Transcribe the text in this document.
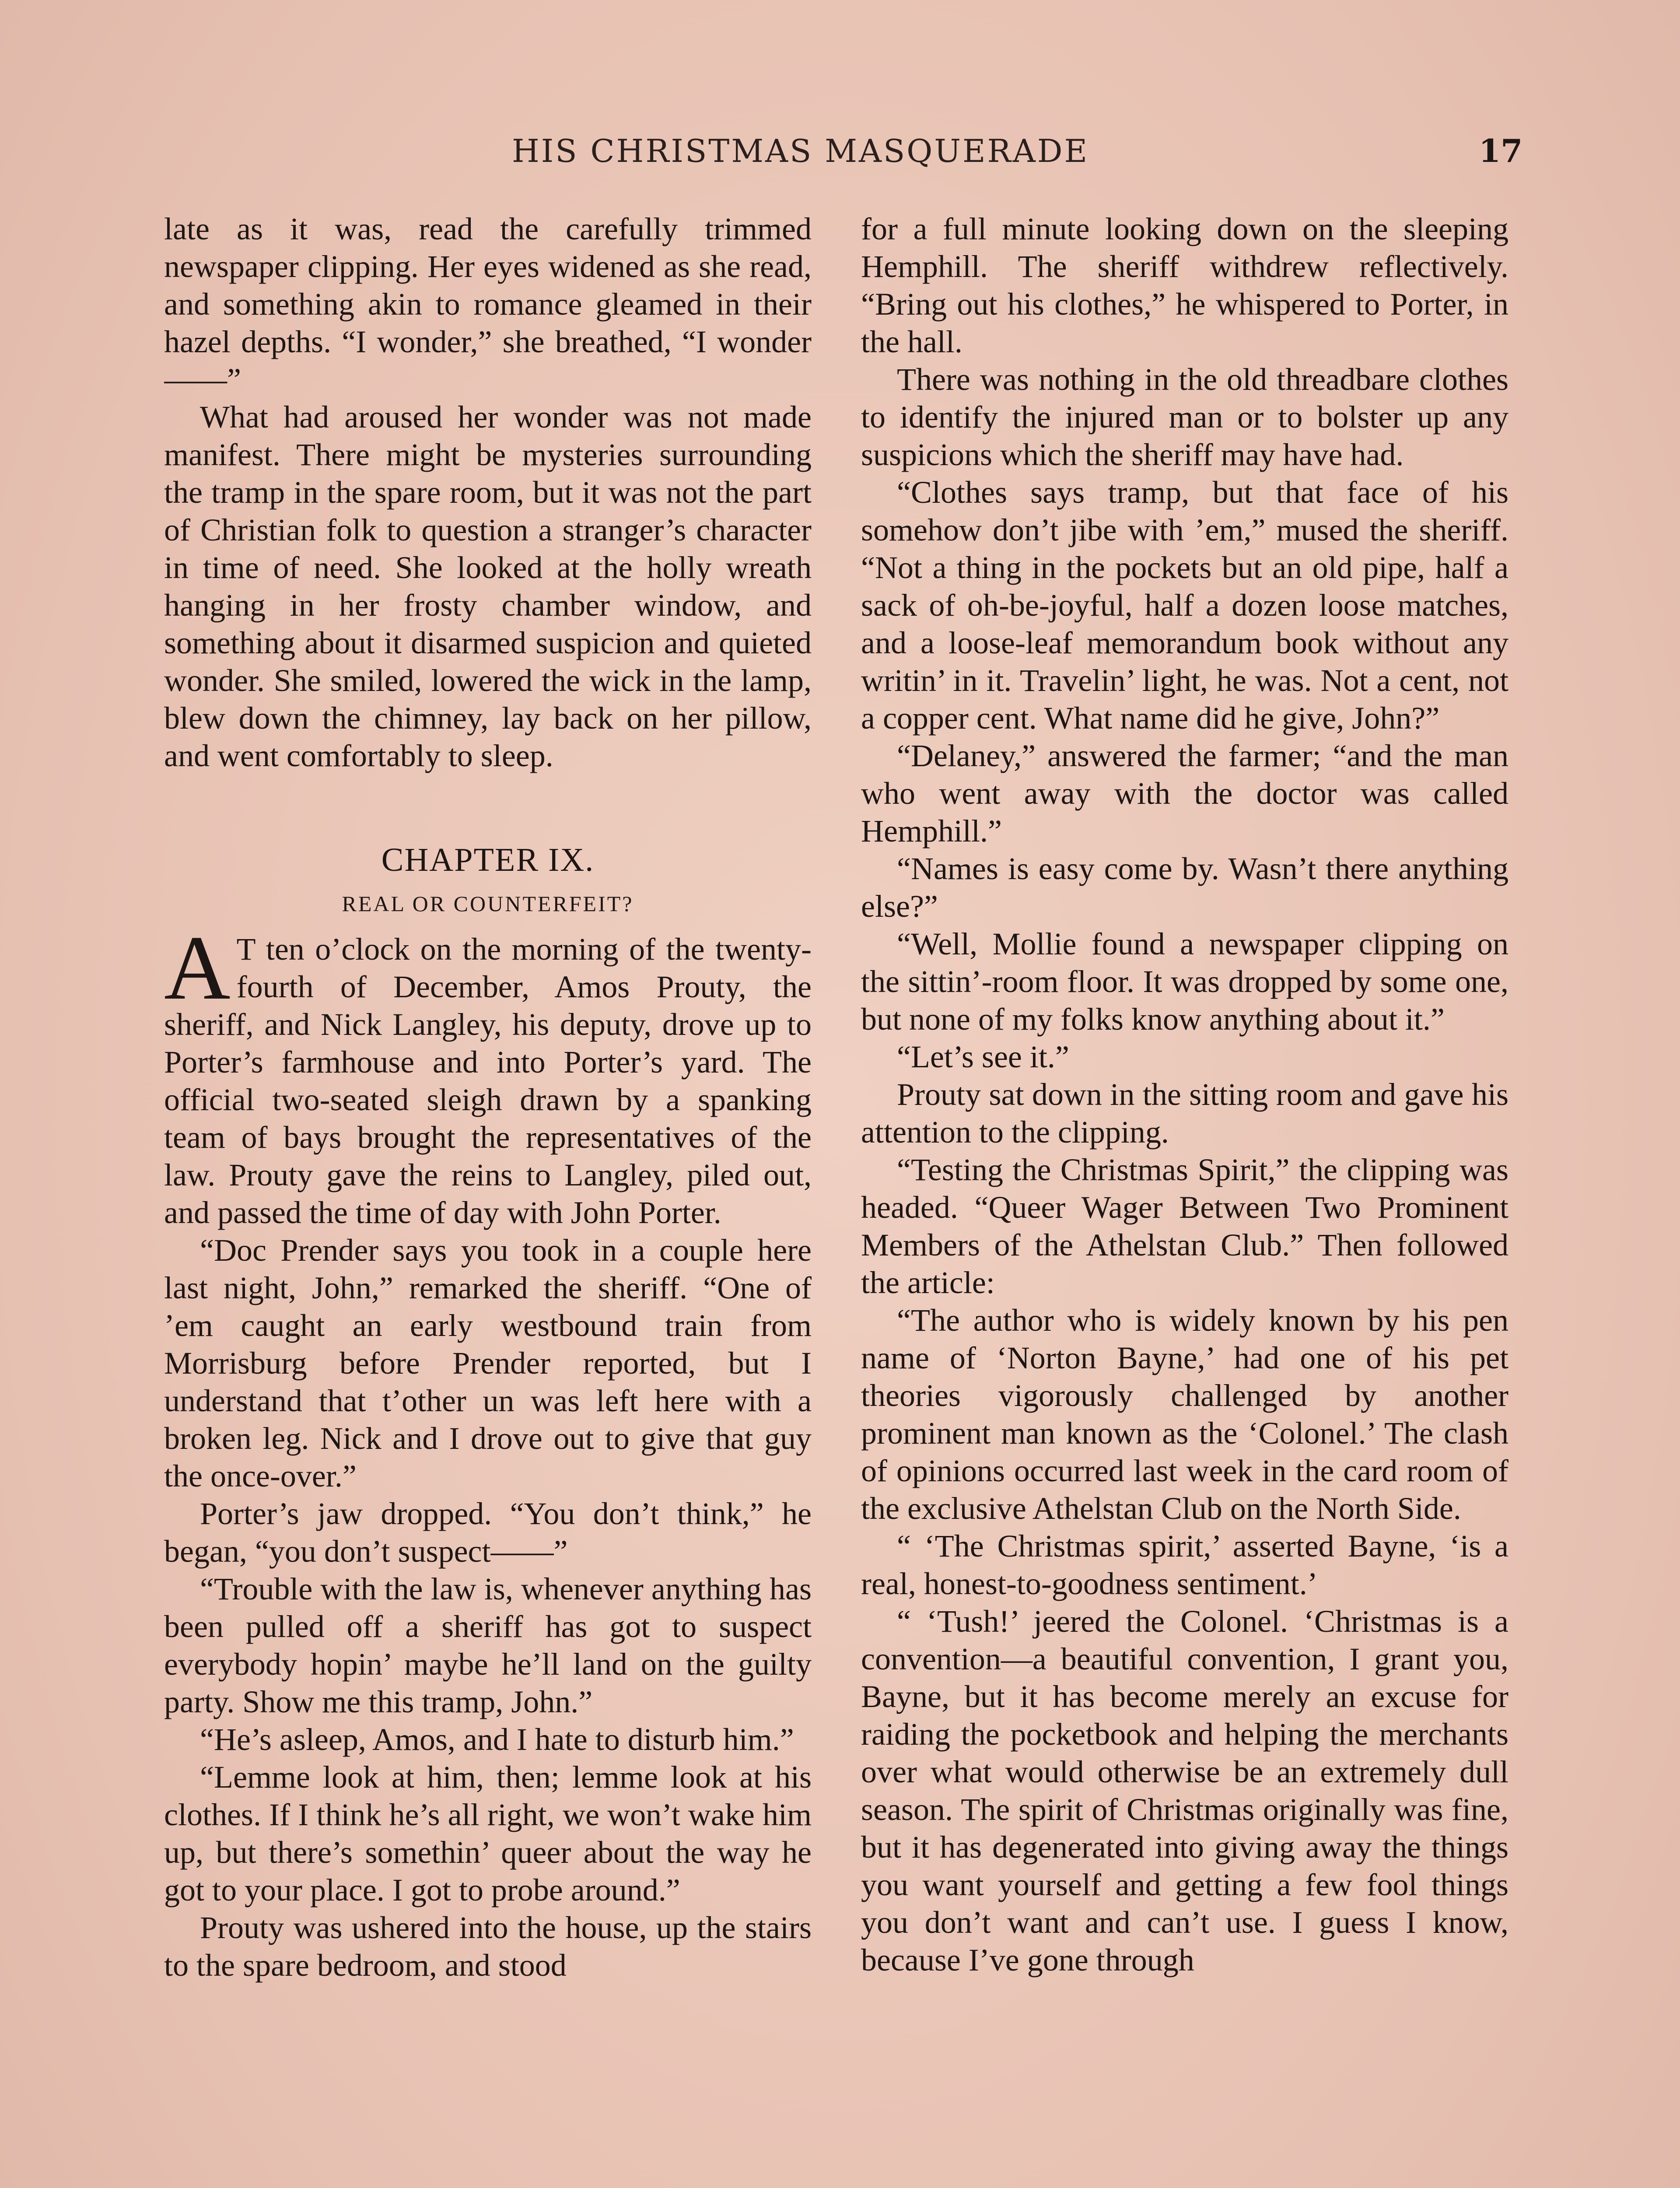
HIS CHRISTMAS MASQUERADE	17

late as it was, read the carefully trimmed newspaper clipping. Her eyes widened as she read, and something akin to romance gleamed in their hazel depths. “I wonder,” she breathed, “I wonder——”

What had aroused her wonder was not made manifest. There might be mysteries surrounding the tramp in the spare room, but it was not the part of Christian folk to question a stranger’s character in time of need. She looked at the holly wreath hanging in her frosty chamber window, and something about it disarmed suspicion and quieted wonder. She smiled, lowered the wick in the lamp, blew down the chimney, lay back on her pillow, and went comfortably to sleep.

CHAPTER IX.
REAL OR COUNTERFEIT?

A T ten o’clock on the morning of the twenty-fourth of December, Amos Prouty, the sheriff, and Nick Langley, his deputy, drove up to Porter’s farmhouse and into Porter’s yard. The official two-seated sleigh drawn by a spanking team of bays brought the representatives of the law. Prouty gave the reins to Langley, piled out, and passed the time of day with John Porter.

“Doc Prender says you took in a couple here last night, John,” remarked the sheriff. “One of ’em caught an early westbound train from Morrisburg before Prender reported, but I understand that t’other un was left here with a broken leg. Nick and I drove out to give that guy the once-over.”

Porter’s jaw dropped. “You don’t think,” he began, “you don’t suspect——”

“Trouble with the law is, whenever anything has been pulled off a sheriff has got to suspect everybody hopin’ maybe he’ll land on the guilty party. Show me this tramp, John.”

“He’s asleep, Amos, and I hate to disturb him.”

“Lemme look at him, then; lemme look at his clothes. If I think he’s all right, we won’t wake him up, but there’s somethin’ queer about the way he got to your place. I got to probe around.”

Prouty was ushered into the house, up the stairs to the spare bedroom, and stood

for a full minute looking down on the sleeping Hemphill. The sheriff withdrew reflectively. “Bring out his clothes,” he whispered to Porter, in the hall.

There was nothing in the old threadbare clothes to identify the injured man or to bolster up any suspicions which the sheriff may have had.

“Clothes says tramp, but that face of his somehow don’t jibe with ’em,” mused the sheriff. “Not a thing in the pockets but an old pipe, half a sack of oh-be-joyful, half a dozen loose matches, and a loose-leaf memorandum book without any writin’ in it. Travelin’ light, he was. Not a cent, not a copper cent. What name did he give, John?”

“Delaney,” answered the farmer; “and the man who went away with the doctor was called Hemphill.”

“Names is easy come by. Wasn’t there anything else?”

“Well, Mollie found a newspaper clipping on the sittin’-room floor. It was dropped by some one, but none of my folks know anything about it.”

“Let’s see it.”

Prouty sat down in the sitting room and gave his attention to the clipping.

“Testing the Christmas Spirit,” the clipping was headed. “Queer Wager Between Two Prominent Members of the Athelstan Club.” Then followed the article:

“The author who is widely known by his pen name of ‘Norton Bayne,’ had one of his pet theories vigorously challenged by another prominent man known as the ‘Colonel.’ The clash of opinions occurred last week in the card room of the exclusive Athelstan Club on the North Side.

“ ‘The Christmas spirit,’ asserted Bayne, ‘is a real, honest-to-goodness sentiment.’

“ ‘Tush!’ jeered the Colonel. ‘Christmas is a convention—a beautiful convention, I grant you, Bayne, but it has become merely an excuse for raiding the pocketbook and helping the merchants over what would otherwise be an extremely dull season. The spirit of Christmas originally was fine, but it has degenerated into giving away the things you want yourself and getting a few fool things you don’t want and can’t use. I guess I know, because I’ve gone through
